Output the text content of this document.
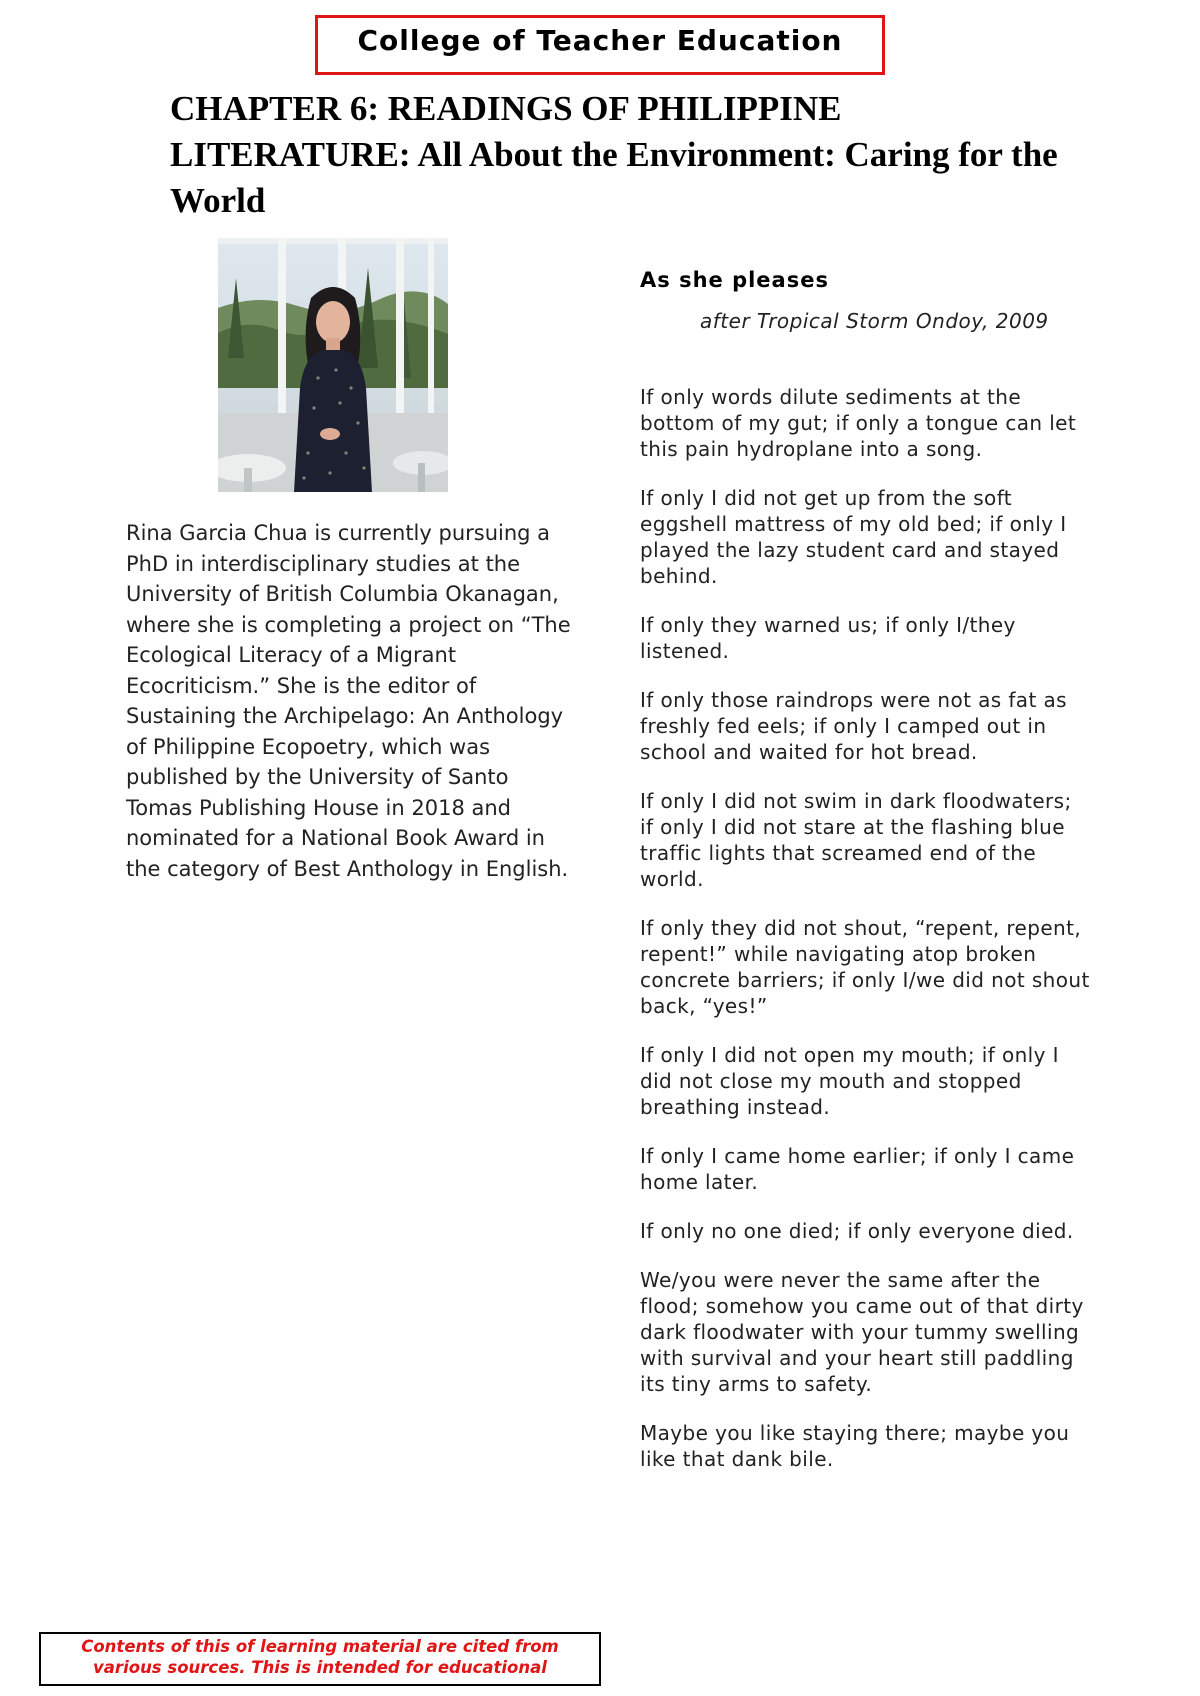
College of Teacher Education
CHAPTER 6: READINGS OF PHILIPPINE LITERATURE: All About the Environment: Caring for the World

Rina Garcia Chua is currently pursuing a PhD in interdisciplinary studies at the University of British Columbia Okanagan, where she is completing a project on “The Ecological Literacy of a Migrant Ecocriticism.” She is the editor of Sustaining the Archipelago: An Anthology of Philippine Ecopoetry, which was published by the University of Santo Tomas Publishing House in 2018 and nominated for a National Book Award in the category of Best Anthology in English.

As she pleases

after Tropical Storm Ondoy, 2009

If only words dilute sediments at the bottom of my gut; if only a tongue can let this pain hydroplane into a song.

If only I did not get up from the soft eggshell mattress of my old bed; if only I played the lazy student card and stayed behind.

If only they warned us; if only I/they listened.

If only those raindrops were not as fat as freshly fed eels; if only I camped out in school and waited for hot bread.

If only I did not swim in dark floodwaters; if only I did not stare at the flashing blue traffic lights that screamed end of the world.

If only they did not shout, “repent, repent, repent!” while navigating atop broken concrete barriers; if only I/we did not shout back, “yes!”

If only I did not open my mouth; if only I did not close my mouth and stopped breathing instead.

If only I came home earlier; if only I came home later.

If only no one died; if only everyone died.

We/you were never the same after the flood; somehow you came out of that dirty dark floodwater with your tummy swelling with survival and your heart still paddling its tiny arms to safety.

Maybe you like staying there; maybe you like that dank bile.

Contents of this of learning material are cited from various sources. This is intended for educational
